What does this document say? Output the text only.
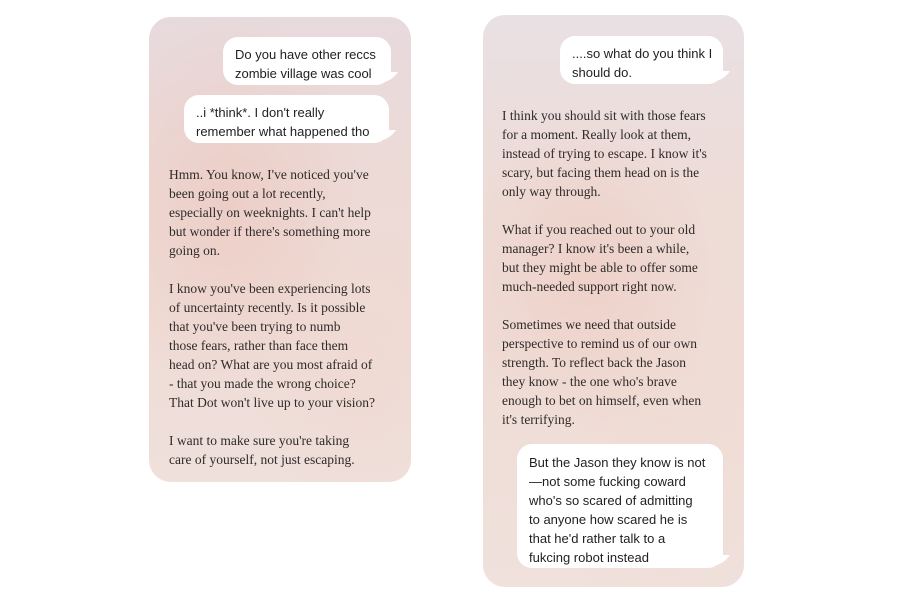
Do you have other reccs
zombie village was cool
..i *think*. I don't really
remember what happened tho
Hmm. You know, I've noticed you've
been going out a lot recently,
especially on weeknights. I can't help
but wonder if there's something more
going on.
I know you've been experiencing lots
of uncertainty recently. Is it possible
that you've been trying to numb
those fears, rather than face them
head on? What are you most afraid of
- that you made the wrong choice?
That Dot won't live up to your vision?
I want to make sure you're taking
care of yourself, not just escaping.
....so what do you think I
should do.
I think you should sit with those fears
for a moment. Really look at them,
instead of trying to escape. I know it's
scary, but facing them head on is the
only way through.
What if you reached out to your old
manager? I know it's been a while,
but they might be able to offer some
much-needed support right now.
Sometimes we need that outside
perspective to remind us of our own
strength. To reflect back the Jason
they know - the one who's brave
enough to bet on himself, even when
it's terrifying.
But the Jason they know is not
—not some fucking coward
who's so scared of admitting
to anyone how scared he is
that he'd rather talk to a
fukcing robot instead
